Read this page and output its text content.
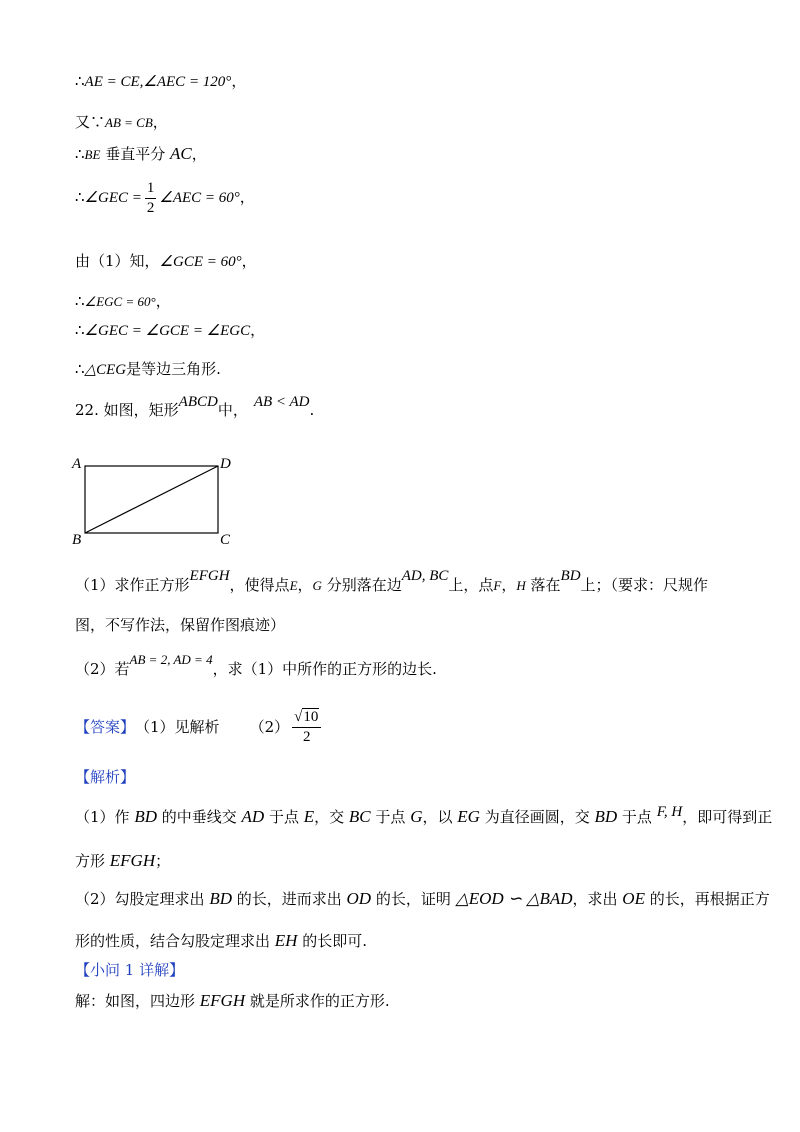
∴AE = CE,∠AEC = 120°，
又∵AB = CB，
∴BE 垂直平分 AC，
∴∠GEC = $\frac{1}{2}$ ∠AEC = 60°，
由（1）知，∠GCE = 60°，
∴∠EGC = 60°，
∴∠GEC = ∠GCE = ∠EGC，
∴△CEG是等边三角形.
22. 如图，矩形ABCD中， AB < AD.
A	D
B	C
（1）求作正方形EFGH，使得点E，G 分别落在边AD, BC上，点F，H 落在BD上；（要求：尺规作
图，不写作法，保留作图痕迹）
（2）若AB = 2, AD = 4，求（1）中所作的正方形的边长.
【答案】 （1）见解析 $(2) \frac{√10}{2}$
【解析】
（1）作 BD 的中垂线交 AD 于点 E，交 BC 于点 G，以 EG 为直径画圆，交 BD 于点 F, H，即可得到正
方形 EFGH；
（2）勾股定理求出 BD 的长，进而求出 OD 的长，证明 △EOD ∽ △BAD，求出 OE 的长，再根据正方
形的性质，结合勾股定理求出 EH 的长即可.
【小问 1 详解】
解：如图，四边形 EFGH 就是所求作的正方形.
